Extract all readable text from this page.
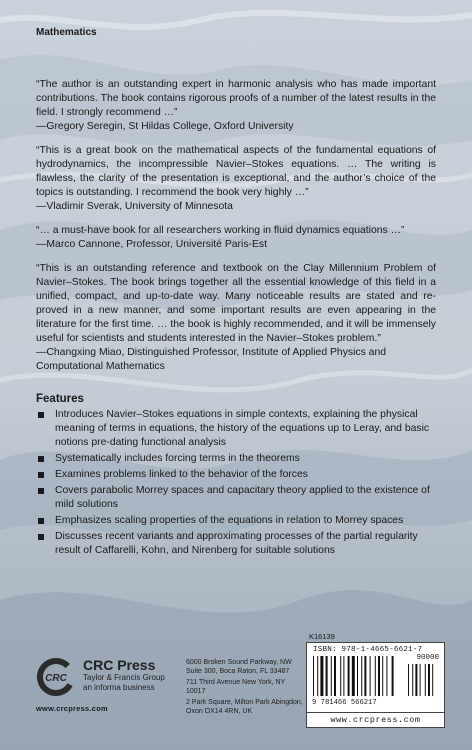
Mathematics

“The author is an outstanding expert in harmonic analysis who has made important contributions. The book contains rigorous proofs of a number of the latest results in the field. I strongly recommend …”
—Gregory Seregin, St Hildas College, Oxford University

“This is a great book on the mathematical aspects of the fundamental equations of hydrodynamics, the incompressible Navier–Stokes equations. … The writing is flawless, the clarity of the presentation is exceptional, and the author’s choice of the topics is outstanding. I recommend the book very highly …”
—Vladimir Sverak, University of Minnesota

“… a must-have book for all researchers working in fluid dynamics equations …”
—Marco Cannone, Professor, Université Paris-Est

“This is an outstanding reference and textbook on the Clay Millennium Problem of Navier–Stokes. The book brings together all the essential knowledge of this field in a unified, compact, and up-to-date way. Many noticeable results are stated and re-proved in a new manner, and some important results are even appearing in the literature for the first time. … the book is highly recommended, and it will be immensely useful for scientists and students interested in the Navier–Stokes problem.”
—Changxing Miao, Distinguished Professor, Institute of Applied Physics and Computational Mathematics

Features
Introduces Navier–Stokes equations in simple contexts, explaining the physical meaning of terms in equations, the history of the equations up to Leray, and basic notions pre-dating functional analysis
Systematically includes forcing terms in the theorems
Examines problems linked to the behavior of the forces
Covers parabolic Morrey spaces and capacitary theory applied to the existence of mild solutions
Emphasizes scaling properties of the equations in relation to Morrey spaces
Discusses recent variants and approximating processes of the partial regularity result of Caffarelli, Kohn, and Nirenberg for suitable solutions
CRC
CRC Press
Taylor & Francis Group
an informa business
www.crcpress.com
6000 Broken Sound Parkway, NW Suite 300, Boca Raton, FL 33487
711 Third Avenue New York, NY 10017
2 Park Square, Milton Park Abingdon, Oxon OX14 4RN, UK
K16139
ISBN: 978-1-4665-6621-7
90000
9 781466 566217
www.crcpress.com
